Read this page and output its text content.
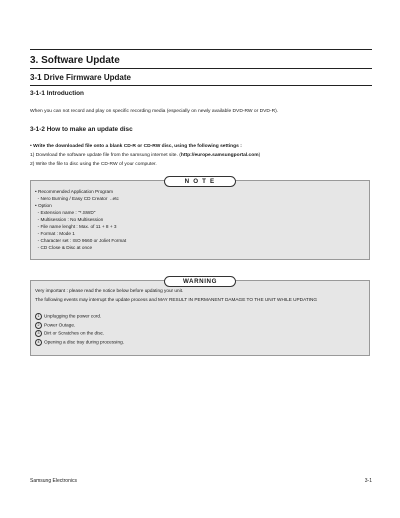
3. Software Update
3-1 Drive Firmware Update
3-1-1 Introduction
When you can not record and play on specific recording media (especially on newly available DVD-RW or DVD-R).
3-1-2 How to make an update disc
• Write the downloaded file onto a blank CD-R or CD-RW disc, using the following settings :
1) Download the software update file from the samsung internet site. (http://europe.samsungportal.com)
2) Write the file to disc using the CD-RW of your computer.
N O T E
• Recommended Application Program
- Nero Burning / Easy CD Creator  ..etc
• Option
- Extension name : "*.SWD"
- Multisession : No Multisession
- File name lenght : Max. of 11 + 8 + 3
- Format : Mode 1
- Character set : ISO 9660 or Joliet Format
- CD Close & Disc at once
WARNING
Very important : please read the notice below before updating your unit.
The following events may interrupt the update process and MAY RESULT IN PERMANENT DAMAGE TO THE UNIT WHILE UPDATING
1 Unplugging the power cord.
2 Power Outage.
3 Dirt or Scratches on the disc.
4 Opening a disc tray during processing.
Samsung Electronics	3-1
